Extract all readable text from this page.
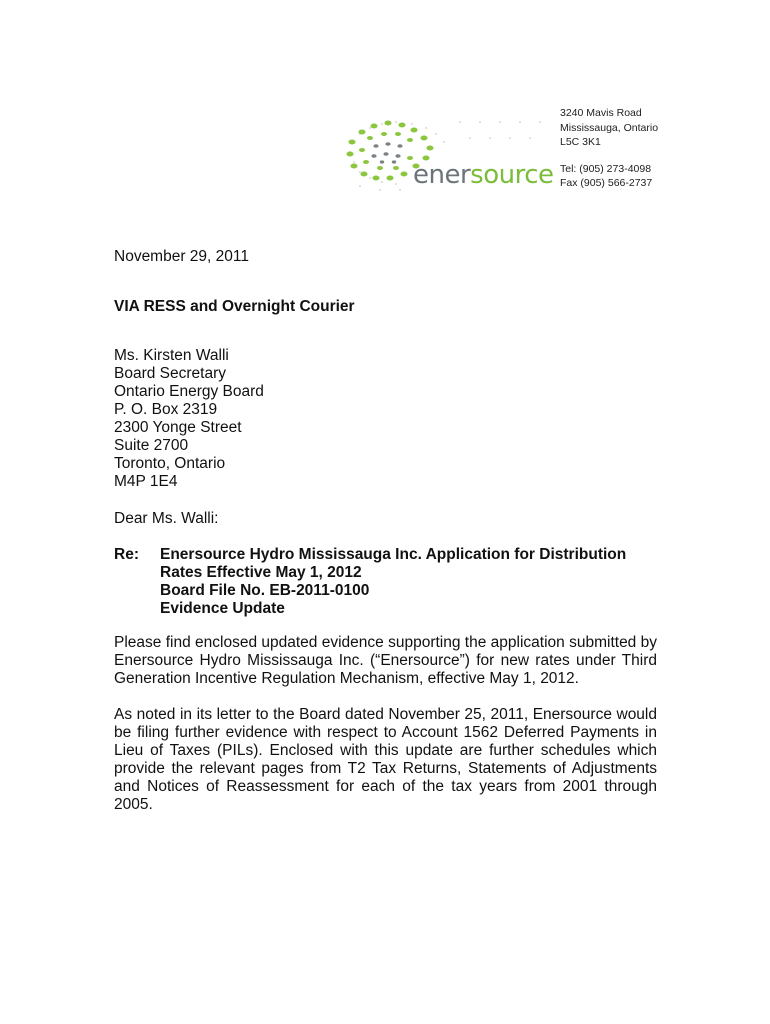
enersource
3240 Mavis Road
Mississauga, Ontario
L5C 3K1
Tel: (905) 273-4098
Fax (905) 566-2737
November 29, 2011
VIA RESS and Overnight Courier
Ms. Kirsten Walli
Board Secretary
Ontario Energy Board
P. O. Box 2319
2300 Yonge Street
Suite 2700
Toronto, Ontario
M4P 1E4
Dear Ms. Walli:
Re: Enersource Hydro Mississauga Inc. Application for Distribution
Rates Effective May 1, 2012
Board File No. EB-2011-0100
Evidence Update
Please find enclosed updated evidence supporting the application submitted by Enersource Hydro Mississauga Inc. (“Enersource”) for new rates under Third Generation Incentive Regulation Mechanism, effective May 1, 2012.
As noted in its letter to the Board dated November 25, 2011, Enersource would be filing further evidence with respect to Account 1562 Deferred Payments in Lieu of Taxes (PILs). Enclosed with this update are further schedules which provide the relevant pages from T2 Tax Returns, Statements of Adjustments and Notices of Reassessment for each of the tax years from 2001 through 2005.
